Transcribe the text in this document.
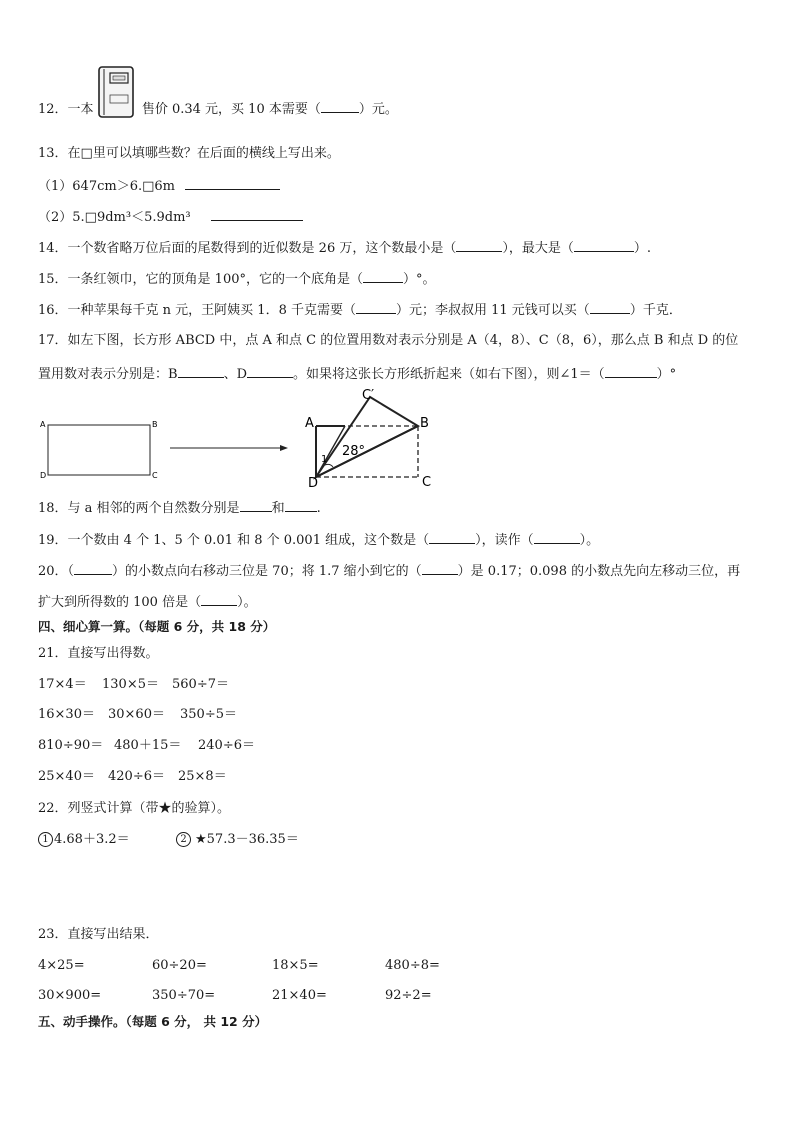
12．一本	售价 0.34 元，买 10 本需要（	）元。
13．在□里可以填哪些数？在后面的横线上写出来。
（1）647cm＞6.□6m
（2）5.□9dm³＜5.9dm³
14．一个数省略万位后面的尾数得到的近似数是 26 万，这个数最小是（	），最大是（	）.
15．一条红领巾，它的顶角是 100°，它的一个底角是（	）°。
16．一种苹果每千克 n 元，王阿姨买 1．8 千克需要（	）元；李叔叔用 11 元钱可以买（	）千克．
17．如左下图，长方形 ABCD 中，点 A 和点 C 的位置用数对表示分别是 A（4，8）、C（8，6），那么点 B 和点 D 的位
置用数对表示分别是：B	、D	。如果将这张长方形纸折起来（如右下图），则∠1＝（	）°
A	B
C
D
A	B
C
D
C′
28°
1
18．与 a 相邻的两个自然数分别是 和 .
19．一个数由 4 个 1、5 个 0.01 和 8 个 0.001 组成，这个数是（	），读作（	）。
20．（	）的小数点向右移动三位是 70；将 1.7 缩小到它的（	）是 0.17；0.098 的小数点先向左移动三位，再
扩大到所得数的 100 倍是（	）。
四、细心算一算。（每题 6 分，共 18 分）
21．直接写出得数。
17×4＝ 130×5＝ 560÷7＝
16×30＝ 30×60＝ 350÷5＝
810÷90＝ 480＋15＝ 240÷6＝
25×40＝ 420÷6＝ 25×8＝
22．列竖式计算（带★的验算）。
1 4.68＋3.2＝	2 ★57.3－36.35＝
23．直接写出结果．
4×25=	60÷20=	18×5=	480÷8=
30×900=	350÷70=	21×40=	92÷2=
五、动手操作。（每题 6 分， 共 12 分）
